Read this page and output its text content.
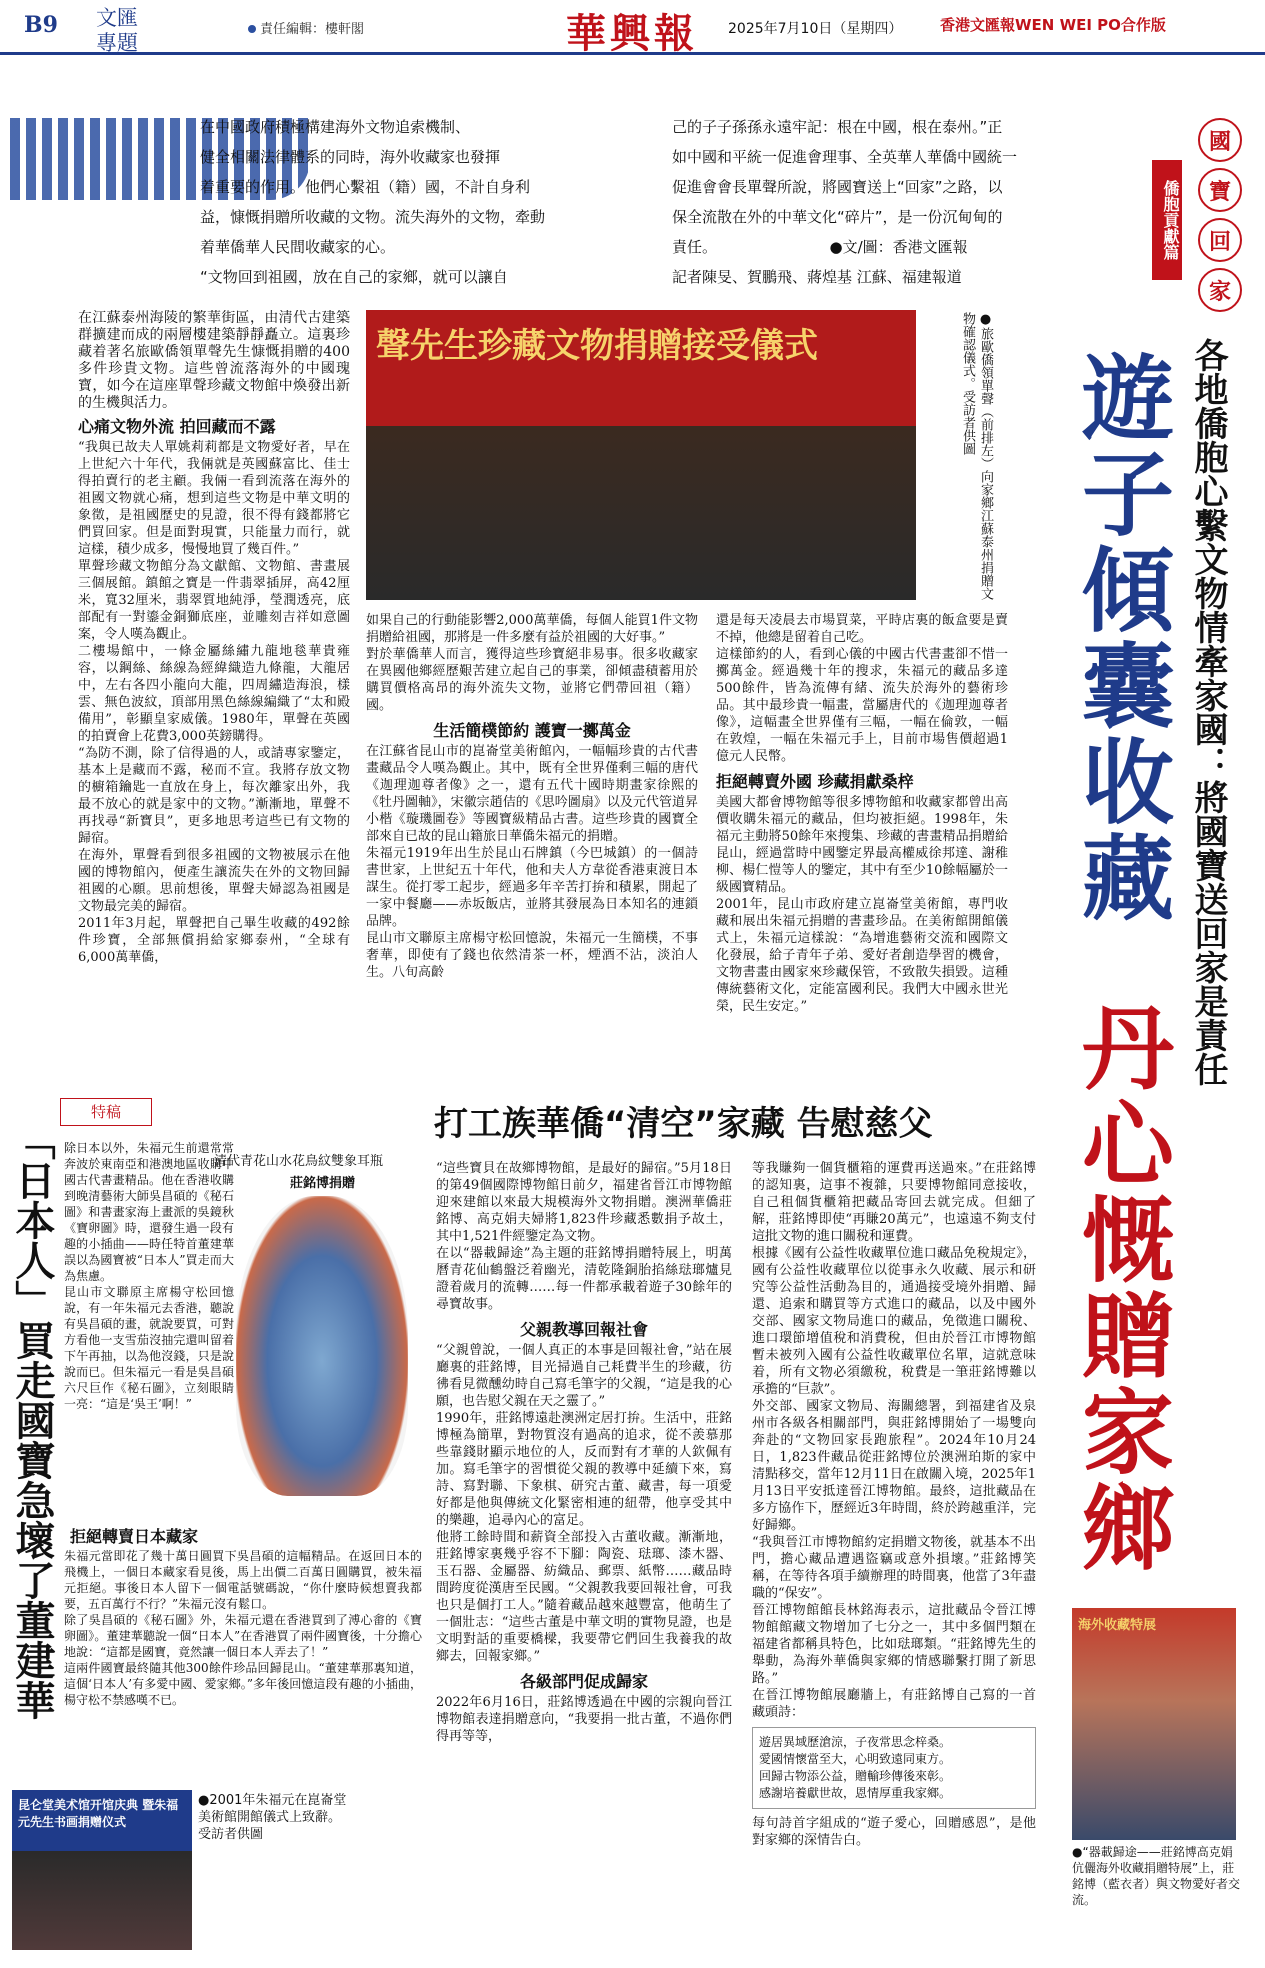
B9 文匯
專題
責任編輯：樓軒閣	華興報 2025年7月10日（星期四）	香港文匯報WEN WEI PO合作版
在中國政府積極構建海外文物追索機制、
健全相關法律體系的同時，海外收藏家也發揮
着重要的作用。他們心繫祖（籍）國，不計自身利
益，慷慨捐贈所收藏的文物。流失海外的文物，牽動
着華僑華人民間收藏家的心。
“文物回到祖國，放在自己的家鄉，就可以讓自
己的子子孫孫永遠牢記：根在中國，根在泰州。”正
如中國和平統一促進會理事、全英華人華僑中國統一
促進會會長單聲所說，將國寶送上“回家”之路，以
保全流散在外的中華文化“碎片”，是一份沉甸甸的
責任。　　　　　　　　●文/圖：香港文匯報
記者陳旻、賀鵬飛、蔣煌基 江蘇、福建報道
國
寶
回
家
僑胞貢獻篇
各地僑胞心繫文物情牽家國：將國寶送回家是責任
遊子傾囊收藏
丹心慨贈家鄉
聲先生珍藏文物捐贈接受儀式	●旅歐僑領單聲（前排左）向家鄉江蘇泰州捐贈文物確認儀式。受訪者供圖
在江蘇泰州海陵的繁華街區，由清代古建築群擴建而成的兩層樓建築靜靜矗立。這裏珍藏着著名旅歐僑領單聲先生慷慨捐贈的400多件珍貴文物。這些曾流落海外的中國瑰寶，如今在這座單聲珍藏文物館中煥發出新的生機與活力。
心痛文物外流 拍回藏而不露
“我與已故夫人單姚莉莉都是文物愛好者，早在上世紀六十年代，我倆就是英國蘇富比、佳士得拍賣行的老主顧。我倆一看到流落在海外的祖國文物就心痛，想到這些文物是中華文明的象徵，是祖國歷史的見證，很不得有錢都將它們買回家。但是面對現實，只能量力而行，就這樣，積少成多，慢慢地買了幾百件。”
單聲珍藏文物館分為文獻館、文物館、書畫展三個展館。鎮館之寶是一件翡翠插屏，高42厘米，寬32厘米，翡翠質地純淨，瑩潤透亮，底部配有一對鎏金銅獅底座，並雕刻吉祥如意圖案，令人嘆為觀止。
二樓場館中，一條金屬絲繡九龍地毯華貴雍容，以鋼絲、絲線為經緯織造九條龍，大龍居中，左右各四小龍向大龍，四周繡造海浪，樣雲、無色波紋，頂部用黑色絲線編織了“太和殿備用”，彰顯皇家威儀。1980年，單聲在英國的拍賣會上花費3,000英鎊購得。
“為防不測，除了信得過的人，或請專家鑒定，基本上是藏而不露，秘而不宣。我將存放文物的櫥箱鑰匙一直放在身上，每次離家出外，我最不放心的就是家中的文物。”漸漸地，單聲不再找尋“新寶貝”，更多地思考這些已有文物的歸宿。
在海外，單聲看到很多祖國的文物被展示在他國的博物館內，便產生讓流失在外的文物回歸祖國的心願。思前想後，單聲夫婦認為祖國是文物最完美的歸宿。
2011年3月起，單聲把自己畢生收藏的492餘件珍寶，全部無償捐給家鄉泰州，“全球有6,000萬華僑，
如果自己的行動能影響2,000萬華僑，每個人能買1件文物捐贈給祖國，那將是一件多麼有益於祖國的大好事。”
對於華僑華人而言，獲得這些珍寶絕非易事。很多收藏家在異國他鄉經歷艱苦建立起自己的事業，卻傾盡積蓄用於購買價格高昂的海外流失文物，並將它們帶回祖（籍）國。
生活簡樸節約 護寶一擲萬金
在江蘇省昆山市的崑崙堂美術館內，一幅幅珍貴的古代書畫藏品令人嘆為觀止。其中，既有全世界僅剩三幅的唐代《迦理迦尊者像》之一，還有五代十國時期畫家徐熙的《牡丹圖軸》，宋徽宗趙佶的《思吟圖扇》以及元代管道昇小楷《璇璣圖卷》等國寶級精品古書。這些珍貴的國寶全部來自已故的昆山籍旅日華僑朱福元的捐贈。
朱福元1919年出生於昆山石牌鎮（今巴城鎮）的一個詩書世家，上世紀五十年代，他和夫人方韋從香港東渡日本謀生。從打零工起步，經過多年辛苦打拚和積累，開起了一家中餐廳——赤坂飯店，並將其發展為日本知名的連鎖品牌。
昆山市文聯原主席楊守松回憶說，朱福元一生簡樸，不事奢華，即使有了錢也依然清茶一杯，煙酒不沾，淡泊人生。八旬高齡
還是每天凌晨去市場買菜，平時店裏的飯盒要是賣不掉，他總是留着自己吃。
這樣節約的人，看到心儀的中國古代書畫卻不惜一擲萬金。經過幾十年的搜求，朱福元的藏品多達500餘件，皆為流傳有緒、流失於海外的藝術珍品。其中最珍貴一幅畫，當屬唐代的《迦理迦尊者像》，這幅畫全世界僅有三幅，一幅在倫敦，一幅在敦煌，一幅在朱福元手上，目前市場售價超過1億元人民幣。
拒絕轉賣外國 珍藏捐獻桑梓
美國大都會博物館等很多博物館和收藏家都曾出高價收購朱福元的藏品，但均被拒絕。1998年，朱福元主動將50餘年來搜集、珍藏的書畫精品捐贈給昆山，經過當時中國鑒定界最高權威徐邦達、謝稚柳、楊仁愷等人的鑒定，其中有至少10餘幅屬於一級國寶精品。
2001年，昆山市政府建立崑崙堂美術館，專門收藏和展出朱福元捐贈的書畫珍品。在美術館開館儀式上，朱福元這樣說：“為增進藝術交流和國際文化發展，給子青年子弟、愛好者創造學習的機會，文物書畫由國家來珍藏保管，不致散失損毀。這種傳統藝術文化，定能富國利民。我們大中國永世光榮，民生安定。”
打工族華僑“清空”家藏 告慰慈父
“這些寶貝在故鄉博物館，是最好的歸宿。”5月18日的第49個國際博物館日前夕，福建省晉江市博物館迎來建館以來最大規模海外文物捐贈。澳洲華僑莊銘博、高克娟夫婦將1,823件珍藏悉數捐予故土，其中1,521件經鑒定為文物。
在以“器載歸途”為主題的莊銘博捐贈特展上，明萬曆青花仙鶴盤泛着幽光，清乾隆銅胎掐絲琺瑯爐見證着歲月的流轉……每一件都承載着遊子30餘年的尋寶故事。
父親教導回報社會
“父親曾說，一個人真正的本事是回報社會，”站在展廳裏的莊銘博，目光掃過自己耗費半生的珍藏，彷彿看見微醺幼時自己寫毛筆字的父親，“這是我的心願，也告慰父親在天之靈了。”
1990年，莊銘博遠赴澳洲定居打拚。生活中，莊銘博極為簡單，對物質沒有過高的追求，從不羨慕那些靠錢財顯示地位的人，反而對有才華的人欽佩有加。寫毛筆字的習慣從父親的教導中延續下來，寫詩、寫對聯、下象棋、研究古董、藏書，每一項愛好都是他與傳統文化緊密相連的紐帶，他享受其中的樂趣，追尋內心的富足。
他將工餘時間和薪資全部投入古董收藏。漸漸地，莊銘博家裏幾乎容不下腳：陶瓷、琺瑯、漆木器、玉石器、金屬器、紡織品、郵票、紙幣……藏品時間跨度從漢唐至民國。“父親教我要回報社會，可我也只是個打工人。”隨着藏品越來越豐富，他萌生了一個壯志：“這些古董是中華文明的實物見證，也是文明對話的重要橋樑，我要帶它們回生我養我的故鄉去，回報家鄉。”
各級部門促成歸家
2022年6月16日，莊銘博透過在中國的宗親向晉江博物館表達捐贈意向，“我要捐一批古董，不過你們得再等等，
等我賺夠一個貨櫃箱的運費再送過來。”在莊銘博的認知裏，這事不複雜，只要博物館同意接收，自己租個貨櫃箱把藏品寄回去就完成。但細了解，莊銘博即使“再賺20萬元”，也遠遠不夠支付這批文物的進口關稅和運費。
根據《國有公益性收藏單位進口藏品免稅規定》，國有公益性收藏單位以從事永久收藏、展示和研究等公益性活動為目的，通過接受境外捐贈、歸還、追索和購買等方式進口的藏品，以及中國外交部、國家文物局進口的藏品，免徵進口關稅、進口環節增值稅和消費稅，但由於晉江市博物館暫未被列入國有公益性收藏單位名單，這就意味着，所有文物必須繳稅，稅費是一筆莊銘博難以承擔的“巨款”。
外交部、國家文物局、海關總署，到福建省及泉州市各級各相關部門，與莊銘博開始了一場雙向奔赴的“文物回家長跑旅程”。2024年10月24日，1,823件藏品從莊銘博位於澳洲珀斯的家中清點移交，當年12月11日在啟關入境，2025年1月13日平安抵達晉江博物館。最終，這批藏品在多方協作下，歷經近3年時間，終於跨越重洋，完好歸鄉。
“我與晉江市博物館約定捐贈文物後，就基本不出門，擔心藏品遭遇盜竊或意外損壞。”莊銘博笑稱，在等待各項手續辦理的時間裏，他當了3年盡職的“保安”。
晉江博物館館長林銘海表示，這批藏品令晉江博物館館藏文物增加了七分之一，其中多個門類在福建省都稱具特色，比如琺瑯類。“莊銘博先生的舉動，為海外華僑與家鄉的情感聯繫打開了新思路。”
在晉江博物館展廳牆上，有莊銘博自己寫的一首藏頭詩：
遊居異域歷滄涼，子夜常思念梓桑。
愛國情懷當至大，心明致遠同東方。
回歸古物添公益，贈輸珍傳後來彰。
感謝培養獻世故，恩情厚重我家鄉。
每句詩首字組成的“遊子愛心，回贈感恩”，是他對家鄉的深情告白。
海外收藏特展
●“器載歸途——莊銘博高克娟伉儷海外收藏捐贈特展”上，莊銘博（藍衣者）與文物愛好者交流。
特稿
「日本人」買走國寶急壞了董建華	清代青花山水花鳥紋雙象耳瓶
莊銘博捐贈
除日本以外，朱福元生前還常常奔波於東南亞和港澳地區收購中國古代書畫精品。他在香港收購到晚清藝術大師吳昌碩的《秘石圖》和書畫家海上畫派的吳鏡秋《寶卵圖》時，還發生過一段有趣的小插曲——時任特首董建華誤以為國寶被“日本人”買走而大為焦慮。
昆山市文聯原主席楊守松回憶說，有一年朱福元去香港，聽說有吳昌碩的畫，就說要買，可對方看他一支雪茄沒抽完還叫留着下午再抽，以為他沒錢，只是說說而已。但朱福元一看是吳昌碩六尺巨作《秘石圖》，立刻眼睛一亮：“這是‘吳王’啊！”
拒絕轉賣日本藏家
朱福元當即花了幾十萬日圓買下吳昌碩的這幅精品。在返回日本的飛機上，一個日本藏家看見後，馬上出價二百萬日圓購買，被朱福元拒絕。事後日本人留下一個電話號碼說，“你什麼時候想賣我都要，五百萬行不行？”朱福元沒有鬆口。
除了吳昌碩的《秘石圖》外，朱福元還在香港買到了溥心畬的《寶卵圖》。董建華聽說一個“日本人”在香港買了兩件國寶後，十分擔心地說：“這都是國寶，竟然讓一個日本人弄去了！”
這兩件國寶最終隨其他300餘件珍品回歸昆山。“董建華那裏知道，這個‘日本人’有多愛中國、愛家鄉。”多年後回憶這段有趣的小插曲，楊守松不禁感嘆不已。
昆仑堂美术馆开馆庆典 暨朱福元先生书画捐赠仪式
●2001年朱福元在崑崙堂美術館開館儀式上致辭。受訪者供圖
